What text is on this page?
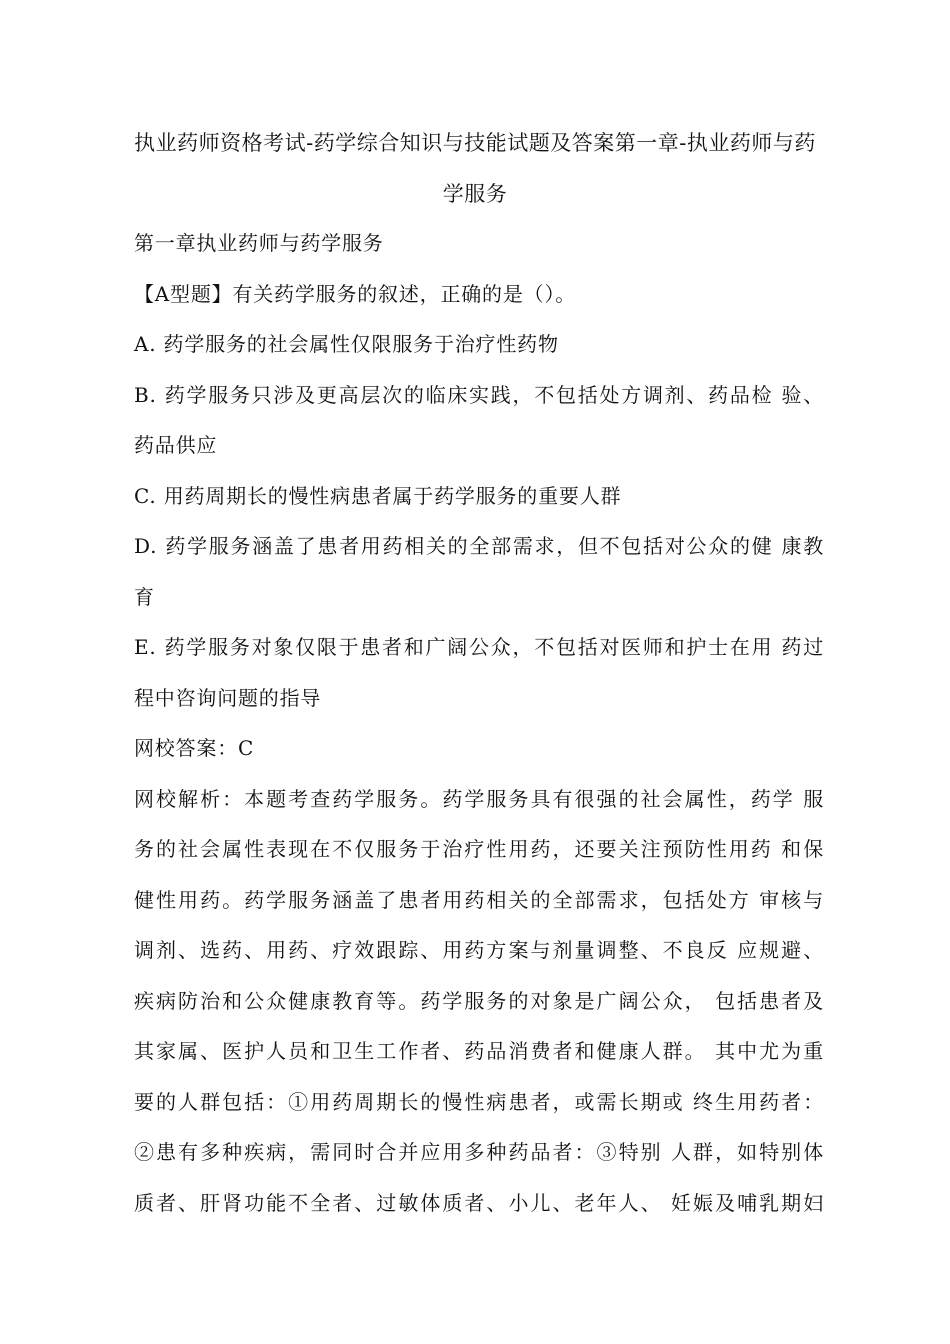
执业药师资格考试-药学综合知识与技能试题及答案第一章-执业药师与药
学服务
第一章执业药师与药学服务
【A型题】有关药学服务的叙述，正确的是（）。
A. 药学服务的社会属性仅限服务于治疗性药物
B. 药学服务只涉及更高层次的临床实践，不包括处方调剂、药品检 验、
药品供应
C. 用药周期长的慢性病患者属于药学服务的重要人群
D. 药学服务涵盖了患者用药相关的全部需求，但不包括对公众的健 康教
育
E. 药学服务对象仅限于患者和广阔公众，不包括对医师和护士在用 药过
程中咨询问题的指导
网校答案：C
网校解析：本题考查药学服务。药学服务具有很强的社会属性，药学 服
务的社会属性表现在不仅服务于治疗性用药，还要关注预防性用药 和保
健性用药。药学服务涵盖了患者用药相关的全部需求，包括处方 审核与
调剂、选药、用药、疗效跟踪、用药方案与剂量调整、不良反 应规避、
疾病防治和公众健康教育等。药学服务的对象是广阔公众， 包括患者及
其家属、医护人员和卫生工作者、药品消费者和健康人群。 其中尤为重
要的人群包括：①用药周期长的慢性病患者，或需长期或 终生用药者：
②患有多种疾病，需同时合并应用多种药品者：③特别 人群，如特别体
质者、肝肾功能不全者、过敏体质者、小儿、老年人、 妊娠及哺乳期妇
